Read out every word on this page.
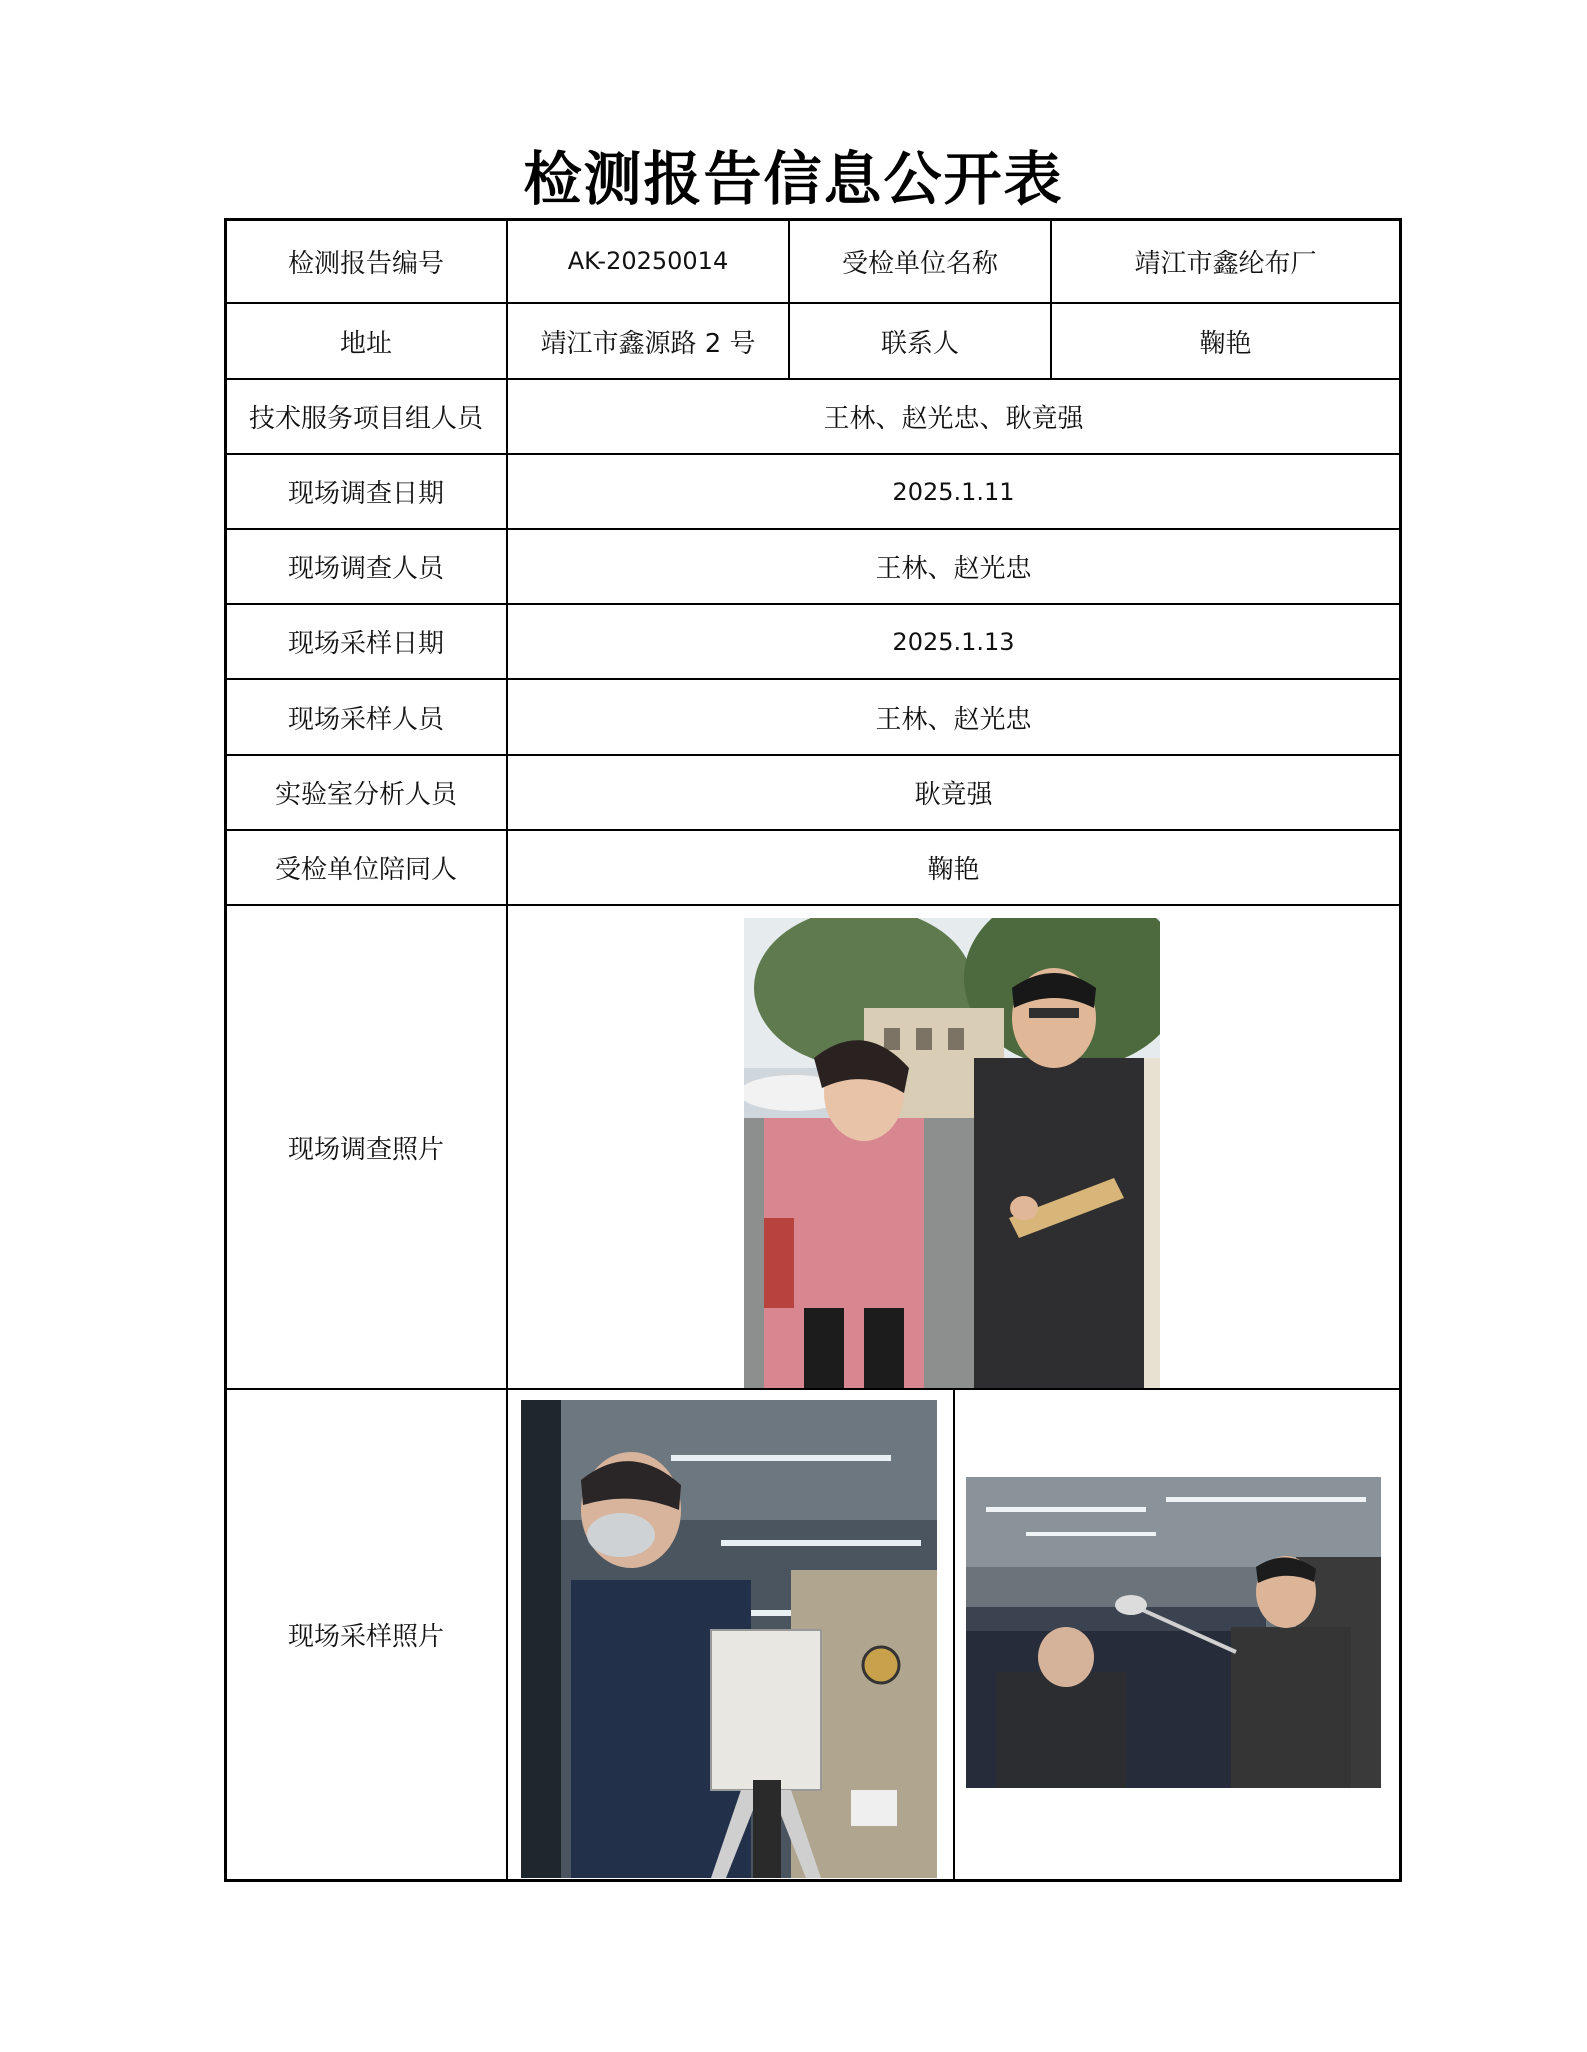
检测报告信息公开表
检测报告编号	AK-20250014	受检单位名称	靖江市鑫纶布厂
地址	靖江市鑫源路 2 号	联系人	鞠艳
技术服务项目组人员	王林、赵光忠、耿竟强
现场调查日期	2025.1.11
现场调查人员	王林、赵光忠
现场采样日期	2025.1.13
现场采样人员	王林、赵光忠
实验室分析人员	耿竟强
受检单位陪同人	鞠艳
现场调查照片
现场采样照片
